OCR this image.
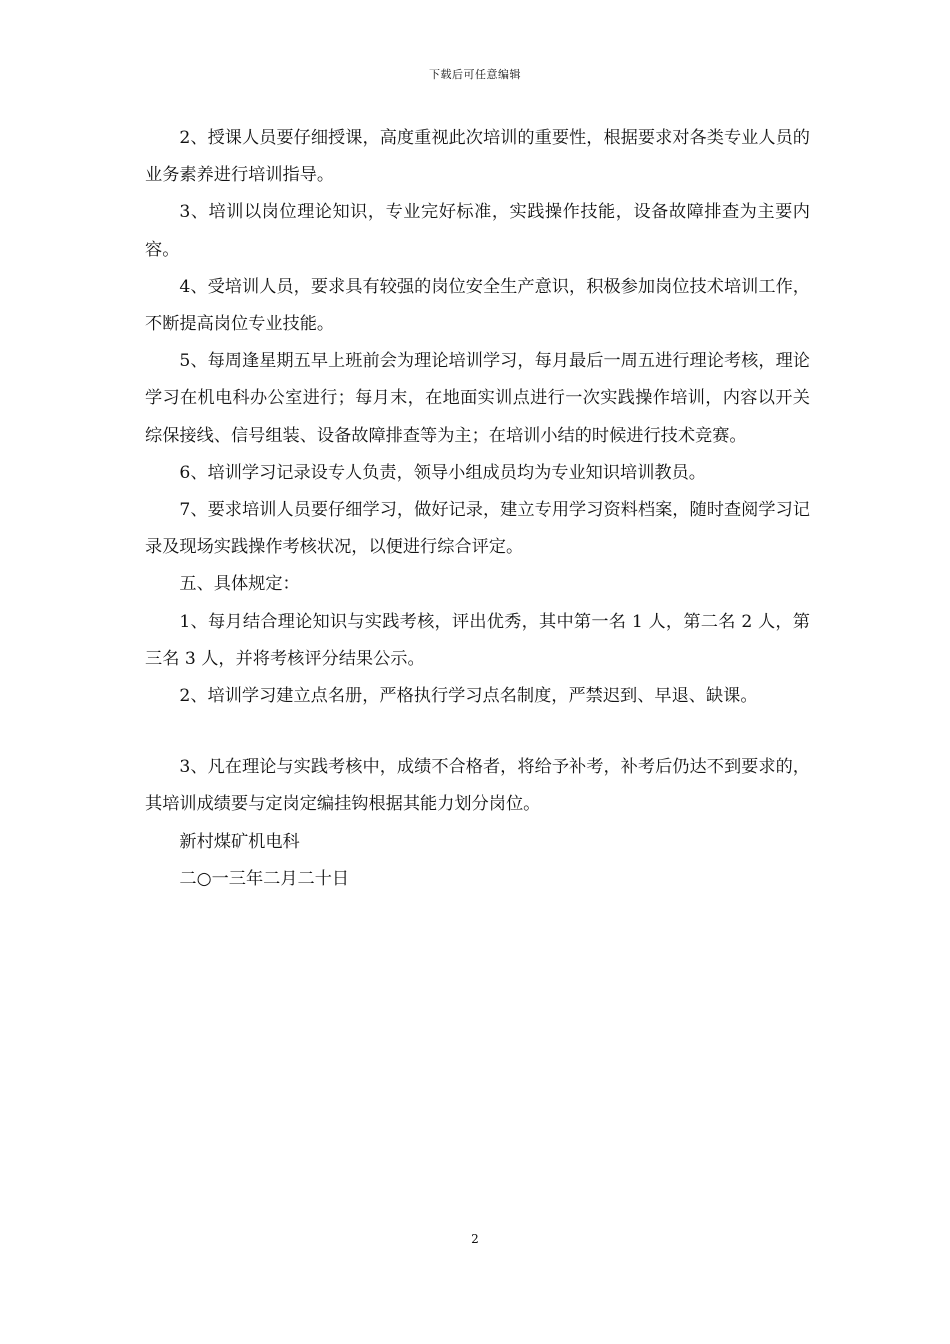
下载后可任意编辑

2、授课人员要仔细授课，高度重视此次培训的重要性，根据要求对各类专业人员的业务素养进行培训指导。

3、培训以岗位理论知识，专业完好标准，实践操作技能，设备故障排查为主要内容。

4、受培训人员，要求具有较强的岗位安全生产意识，积极参加岗位技术培训工作，不断提高岗位专业技能。

5、每周逢星期五早上班前会为理论培训学习，每月最后一周五进行理论考核，理论学习在机电科办公室进行；每月末，在地面实训点进行一次实践操作培训，内容以开关综保接线、信号组装、设备故障排查等为主；在培训小结的时候进行技术竞赛。

6、培训学习记录设专人负责，领导小组成员均为专业知识培训教员。

7、要求培训人员要仔细学习，做好记录，建立专用学习资料档案，随时查阅学习记录及现场实践操作考核状况，以便进行综合评定。

五、具体规定：

1、每月结合理论知识与实践考核，评出优秀，其中第一名 1 人，第二名 2 人，第三名 3 人，并将考核评分结果公示。

2、培训学习建立点名册，严格执行学习点名制度，严禁迟到、早退、缺课。

3、凡在理论与实践考核中，成绩不合格者，将给予补考，补考后仍达不到要求的，其培训成绩要与定岗定编挂钩根据其能力划分岗位。

新村煤矿机电科

二○一三年二月二十日

2
